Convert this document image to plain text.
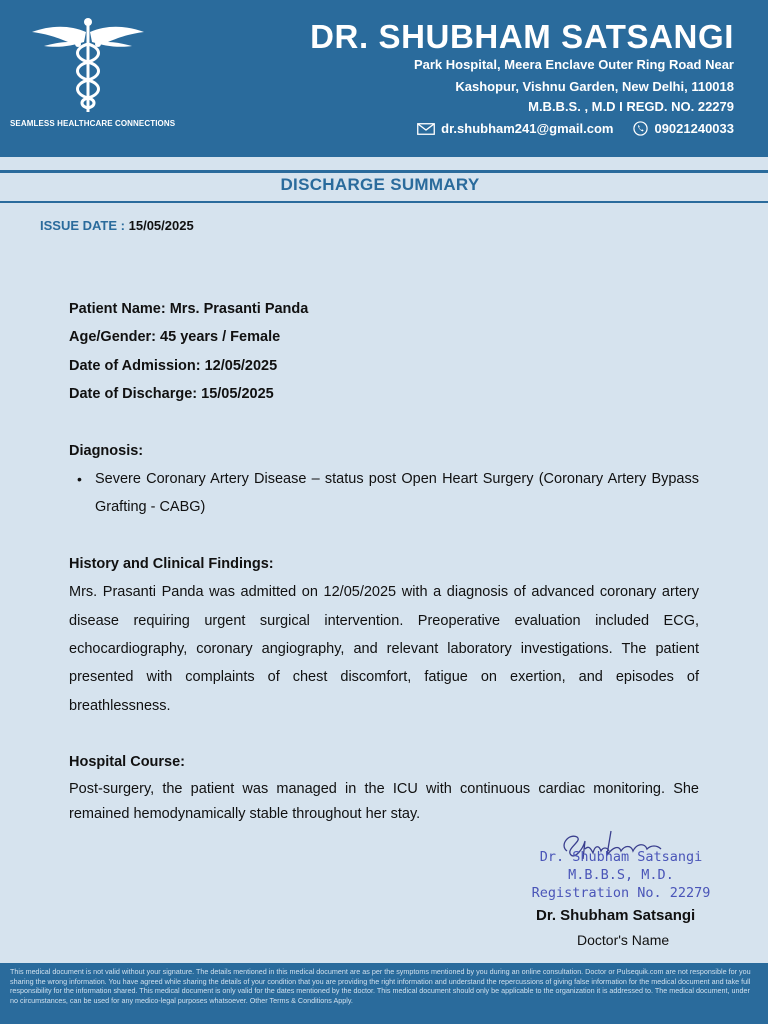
SEAMLESS HEALTHCARE CONNECTIONS
DR. SHUBHAM SATSANGI
Park Hospital, Meera Enclave Outer Ring Road Near
Kashopur, Vishnu Garden, New Delhi, 110018
M.B.B.S. , M.D I REGD. NO. 22279
dr.shubham241@gmail.com	09021240033
DISCHARGE SUMMARY
ISSUE DATE : 15/05/2025

Patient Name: Mrs. Prasanti Panda

Age/Gender: 45 years / Female

Date of Admission: 12/05/2025

Date of Discharge: 15/05/2025

Diagnosis:

• Severe Coronary Artery Disease – status post Open Heart Surgery (Coronary Artery Bypass Grafting - CABG)

History and Clinical Findings:

Mrs. Prasanti Panda was admitted on 12/05/2025 with a diagnosis of advanced coronary artery disease requiring urgent surgical intervention. Preoperative evaluation included ECG, echocardiography, coronary angiography, and relevant laboratory investigations. The patient presented with complaints of chest discomfort, fatigue on exertion, and episodes of breathlessness.

Hospital Course:

Post-surgery, the patient was managed in the ICU with continuous cardiac monitoring. She remained hemodynamically stable throughout her stay.

Dr. Shubham Satsangi
M.B.B.S, M.D.
Registration No. 22279
Dr. Shubham Satsangi
Doctor's Name
This medical document is not valid without your signature. The details mentioned in this medical document are as per the symptoms mentioned by you during an online consultation. Doctor or Pulsequik.com are not responsible for you sharing the wrong information. You have agreed while sharing the details of your condition that you are providing the right information and understand the repercussions of giving false information for the medical document and take full responsibility for the information shared. This medical document is only valid for the dates mentioned by the doctor. This medical document should only be applicable to the organization it is addressed to. The medical document, under no circumstances, can be used for any medico-legal purposes whatsoever. Other Terms & Conditions Apply.
